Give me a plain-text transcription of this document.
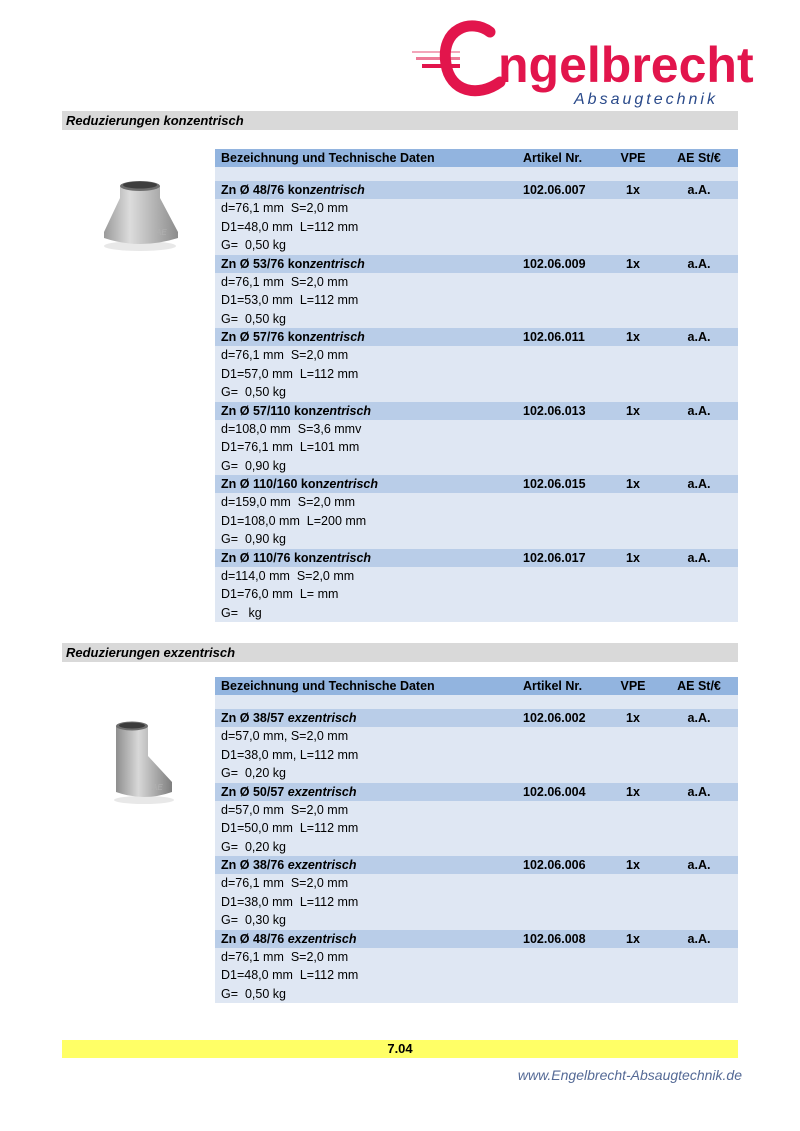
ngelbrecht
Absaugtechnik
Reduzierungen konzentrisch
AE
Bezeichnung und Technische Daten	Artikel Nr.	VPE	AE St/€
Zn Ø 48/76 konzentrisch	102.06.007	1x	a.A.
d=76,1 mm  S=2,0 mm
D1=48,0 mm  L=112 mm
G=  0,50 kg
Zn Ø 53/76 konzentrisch	102.06.009	1x	a.A.
d=76,1 mm  S=2,0 mm
D1=53,0 mm  L=112 mm
G=  0,50 kg
Zn Ø 57/76 konzentrisch	102.06.011	1x	a.A.
d=76,1 mm  S=2,0 mm
D1=57,0 mm  L=112 mm
G=  0,50 kg
Zn Ø 57/110 konzentrisch	102.06.013	1x	a.A.
d=108,0 mm  S=3,6 mmv
D1=76,1 mm  L=101 mm
G=  0,90 kg
Zn Ø 110/160 konzentrisch	102.06.015	1x	a.A.
d=159,0 mm  S=2,0 mm
D1=108,0 mm  L=200 mm
G=  0,90 kg
Zn Ø 110/76 konzentrisch	102.06.017	1x	a.A.
d=114,0 mm  S=2,0 mm
D1=76,0 mm  L= mm
G=   kg
Reduzierungen exzentrisch
AE
Bezeichnung und Technische Daten	Artikel Nr.	VPE	AE St/€
Zn Ø 38/57 exzentrisch	102.06.002	1x	a.A.
d=57,0 mm, S=2,0 mm
D1=38,0 mm, L=112 mm
G=  0,20 kg
Zn Ø 50/57 exzentrisch	102.06.004	1x	a.A.
d=57,0 mm  S=2,0 mm
D1=50,0 mm  L=112 mm
G=  0,20 kg
Zn Ø 38/76 exzentrisch	102.06.006	1x	a.A.
d=76,1 mm  S=2,0 mm
D1=38,0 mm  L=112 mm
G=  0,30 kg
Zn Ø 48/76 exzentrisch	102.06.008	1x	a.A.
d=76,1 mm  S=2,0 mm
D1=48,0 mm  L=112 mm
G=  0,50 kg
7.04
www.Engelbrecht-Absaugtechnik.de
